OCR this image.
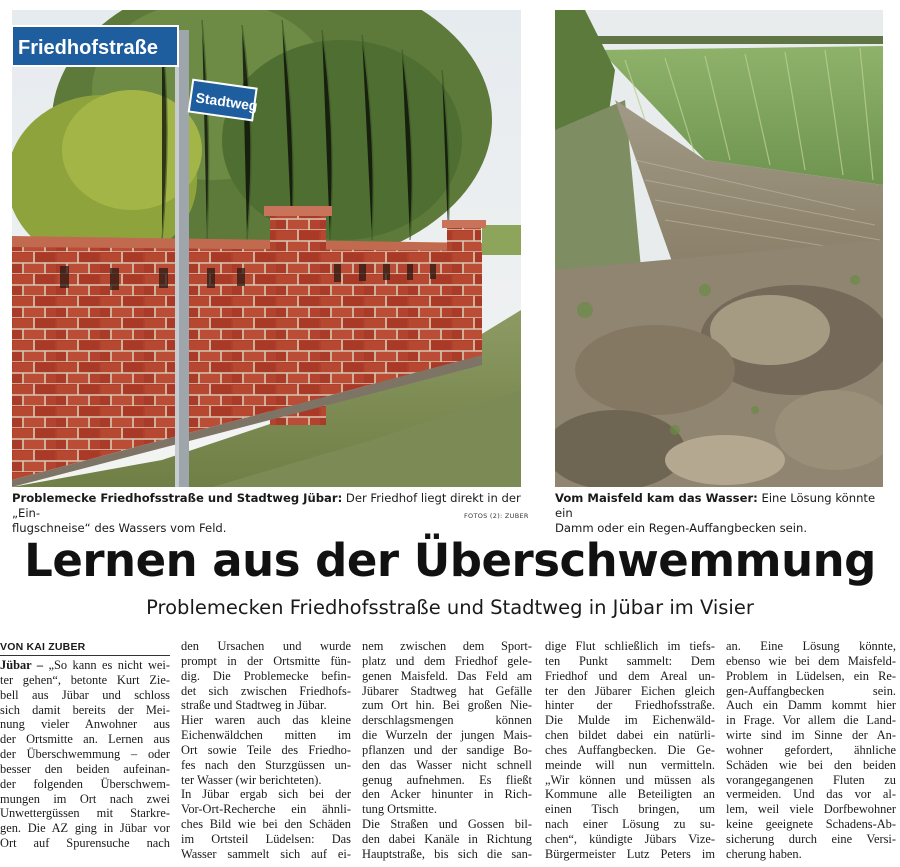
Friedhofstraße
Stadtweg
Problemecke Friedhofsstraße und Stadtweg Jübar: Der Friedhof liegt direkt in der „Ein-
flugschneise“ des Wassers vom Feld.
FOTOS (2): ZUBER
Vom Maisfeld kam das Wasser: Eine Lösung könnte ein
Damm oder ein Regen-Auffangbecken sein.
Lernen aus der Überschwemmung
Problemecken Friedhofsstraße und Stadtweg in Jübar im Visier
VON KAI ZUBER
Jübar – „So kann es nicht wei-
ter gehen“, betonte Kurt Zie-
bell aus Jübar und schloss
sich damit bereits der Mei-
nung vieler Anwohner aus
der Ortsmitte an. Lernen aus
der Überschwemmung – oder
besser den beiden aufeinan-
der folgenden Überschwem-
mungen im Ort nach zwei
Unwettergüssen mit Starkre-
gen. Die AZ ging in Jübar vor
Ort auf Spurensuche nach
den Ursachen und wurde
prompt in der Ortsmitte fün-
dig. Die Problemecke befin-
det sich zwischen Friedhofs-
straße und Stadtweg in Jübar.
Hier waren auch das kleine
Eichenwäldchen mitten im
Ort sowie Teile des Friedho-
fes nach den Sturzgüssen un-
ter Wasser (wir berichteten).
In Jübar ergab sich bei der
Vor-Ort-Recherche ein ähnli-
ches Bild wie bei den Schäden
im Ortsteil Lüdelsen: Das
Wasser sammelt sich auf ei-
nem zwischen dem Sport-
platz und dem Friedhof gele-
genen Maisfeld. Das Feld am
Jübarer Stadtweg hat Gefälle
zum Ort hin. Bei großen Nie-
derschlagsmengen können
die Wurzeln der jungen Mais-
pflanzen und der sandige Bo-
den das Wasser nicht schnell
genug aufnehmen. Es fließt
den Acker hinunter in Rich-
tung Ortsmitte.
Die Straßen und Gossen bil-
den dabei Kanäle in Richtung
Hauptstraße, bis sich die san-
dige Flut schließlich im tiefs-
ten Punkt sammelt: Dem
Friedhof und dem Areal un-
ter den Jübarer Eichen gleich
hinter der Friedhofsstraße.
Die Mulde im Eichenwäld-
chen bildet dabei ein natürli-
ches Auffangbecken. Die Ge-
meinde will nun vermitteln.
„Wir können und müssen als
Kommune alle Beteiligten an
einen Tisch bringen, um
nach einer Lösung zu su-
chen“, kündigte Jübars Vize-
Bürgermeister Lutz Peters im
an. Eine Lösung könnte,
ebenso wie bei dem Maisfeld-
Problem in Lüdelsen, ein Re-
gen-Auffangbecken sein.
Auch ein Damm kommt hier
in Frage. Vor allem die Land-
wirte sind im Sinne der An-
wohner gefordert, ähnliche
Schäden wie bei den beiden
vorangegangenen Fluten zu
vermeiden. Und das vor al-
lem, weil viele Dorfbewohner
keine geeignete Schadens-Ab-
sicherung durch eine Versi-
cherung haben.
